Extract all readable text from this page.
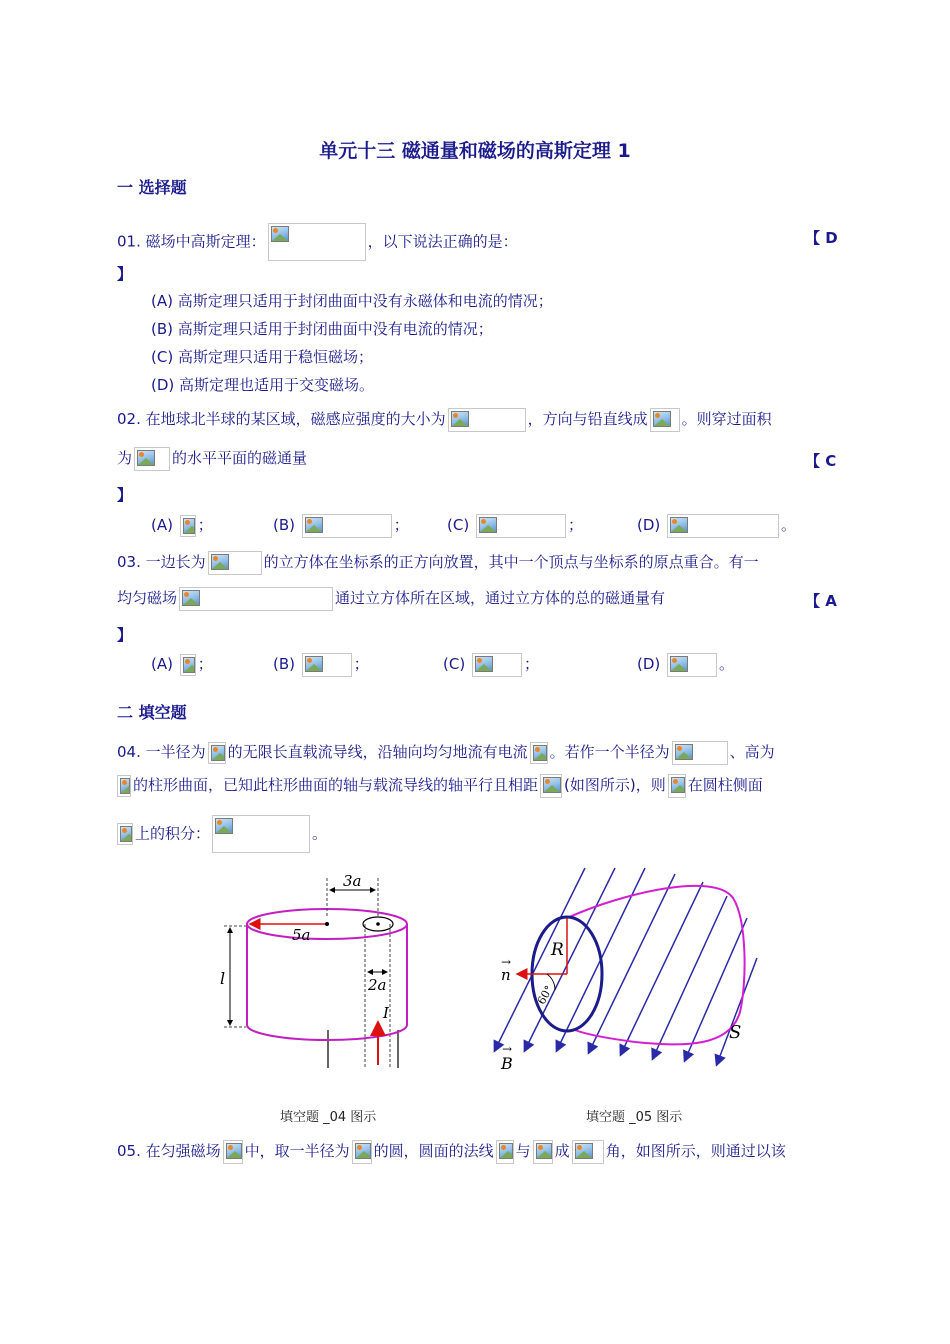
单元十三 磁通量和磁场的高斯定理 1
一 选择题
01. 磁场中高斯定理：	，以下说法正确的是：	【 D
】
(A) 高斯定理只适用于封闭曲面中没有永磁体和电流的情况；
(B) 高斯定理只适用于封闭曲面中没有电流的情况；
(C) 高斯定理只适用于稳恒磁场；
(D) 高斯定理也适用于交变磁场。
02. 在地球北半球的某区域，磁感应强度的大小为	，方向与铅直线成 。则穿过面积
为	的水平平面的磁通量	【 C
】
(A) ；	(B)	；	(C)	；	(D)	。
03. 一边长为	的立方体在坐标系的正方向放置，其中一个顶点与坐标系的原点重合。有一
均匀磁场	通过立方体所在区域，通过立方体的总的磁通量有	【 A
】
(A) ；	(B)	；	(C)	；	(D)	。
二 填空题
04. 一半径为 的无限长直载流导线，沿轴向均匀地流有电流 。若作一个半径为	、高为
的柱形曲面，已知此柱形曲面的轴与载流导线的轴平行且相距 (如图所示)，则 在圆柱侧面
上的积分：	。
3a
5a
l	2a
I
填空题 _04 图示
R
n
→
60°
B
→
S
填空题 _05 图示
05. 在匀强磁场 中，取一半径为 的圆，圆面的法线 与 成 角，如图所示，则通过以该
